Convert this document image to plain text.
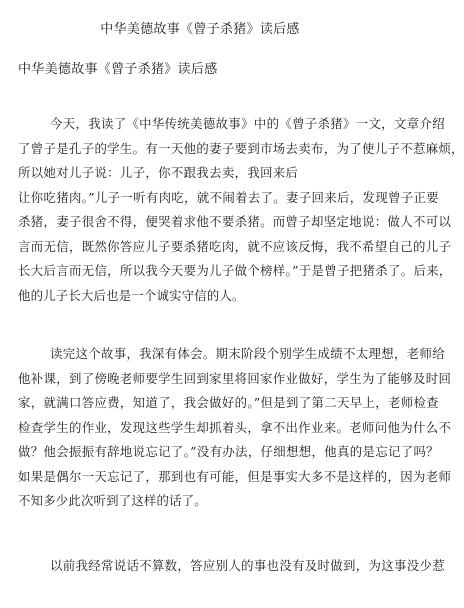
中华美德故事《曾子杀猪》读后感
中华美德故事《曾子杀猪》读后感
今天，我读了《中华传统美德故事》中的《曾子杀猪》一文，文章介绍
了曾子是孔子的学生。有一天他的妻子要到市场去卖布，为了使儿子不惹麻烦，
所以她对儿子说：儿子，你不跟我去卖，我回来后
让你吃猪肉。”儿子一听有肉吃，就不闹着去了。妻子回来后，发现曾子正要
杀猪，妻子很舍不得，便哭着求他不要杀猪。而曾子却坚定地说：做人不可以
言而无信，既然你答应儿子要杀猪吃肉，就不应该反悔，我不希望自己的儿子
长大后言而无信，所以我今天要为儿子做个榜样。”于是曾子把猪杀了。后来，
他的儿子长大后也是一个诚实守信的人。
读完这个故事，我深有体会。期末阶段个别学生成绩不太理想，老师给
他补课，到了傍晚老师要学生回到家里将回家作业做好，学生为了能够及时回
家，就满口答应费，知道了，我会做好的。”但是到了第二天早上，老师检查
检查学生的作业，发现这些学生却抓着头，拿不出作业来。老师问他为什么不
做？他会振振有辞地说忘记了。”没有办法，仔细想想，他真的是忘记了吗？
如果是偶尔一天忘记了，那到也有可能，但是事实大多不是这样的，因为老师
不知多少此次听到了这样的话了。
以前我经常说话不算数，答应别人的事也没有及时做到，为这事没少惹
